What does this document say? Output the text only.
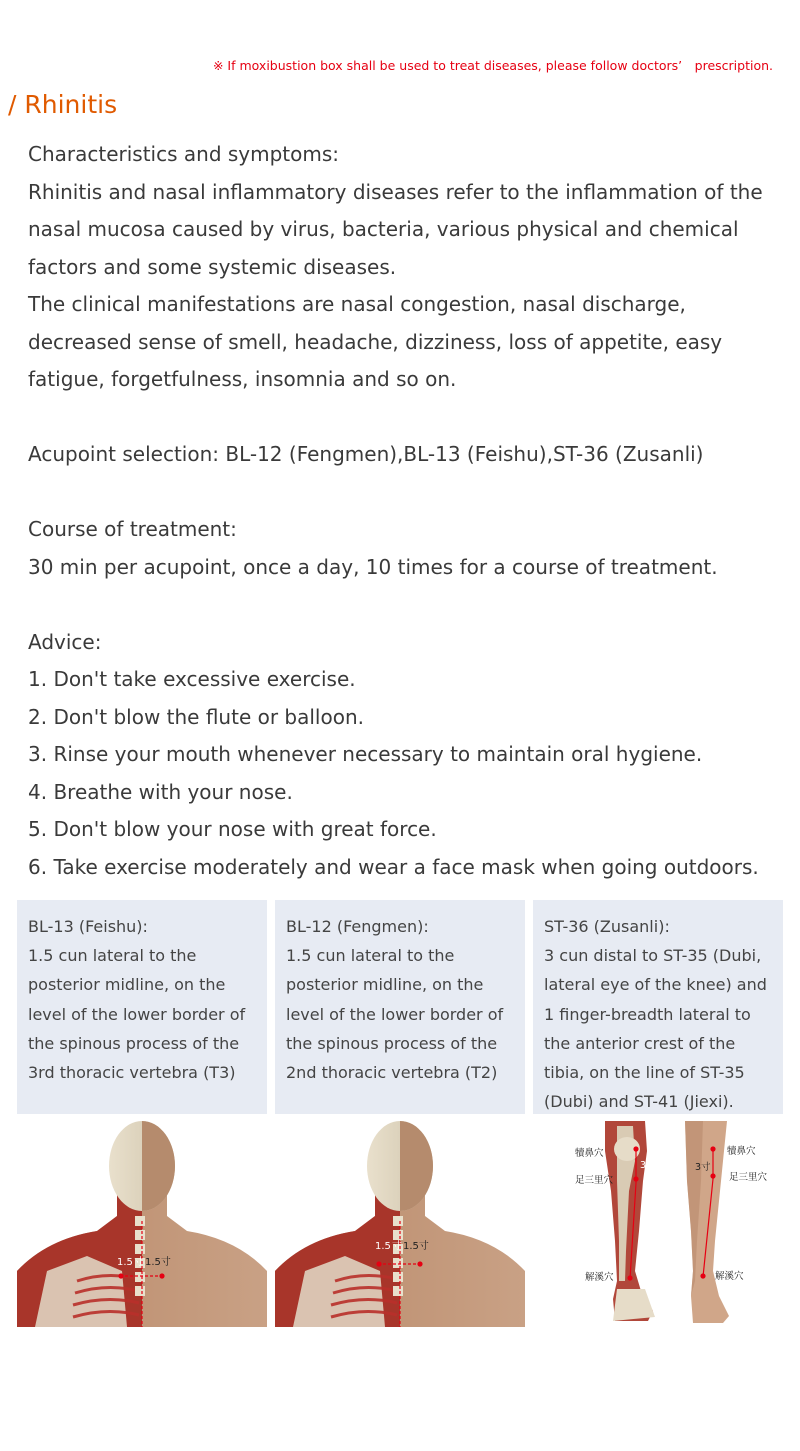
※ If moxibustion box shall be used to treat diseases, please follow doctors’　prescription.
/ Rhinitis

Characteristics and symptoms:

Rhinitis and nasal inflammatory diseases refer to the inflammation of the nasal mucosa caused by virus, bacteria, various physical and chemical factors and some systemic diseases.

The clinical manifestations are nasal congestion, nasal discharge, decreased sense of smell, headache, dizziness, loss of appetite, easy fatigue, forgetfulness, insomnia and so on.

Acupoint selection: BL-12 (Fengmen),BL-13 (Feishu),ST-36 (Zusanli)

Course of treatment:

30 min per acupoint, once a day, 10 times for a course of treatment.

Advice:

1. Don't take excessive exercise.

2. Don't blow the flute or balloon.

3. Rinse your mouth whenever necessary to maintain oral hygiene.

4. Breathe with your nose.

5. Don't blow your nose with great force.

6. Take exercise moderately and wear a face mask when going outdoors.

BL-13 (Feishu):
1.5 cun lateral to the posterior midline, on the level of the lower border of the spinous process of the 3rd thoracic vertebra (T3)
BL-12 (Fengmen):
1.5 cun lateral to the posterior midline, on the level of the lower border of the spinous process of the 2nd thoracic vertebra (T2)
ST-36 (Zusanli):
3 cun distal to ST-35 (Dubi, lateral eye of the knee) and 1 finger-breadth lateral to the anterior crest of the tibia, on the line of ST-35 (Dubi) and ST-41 (Jiexi).
1.5 寸 1.5寸
1.5 寸 1.5寸
犢鼻穴	犢鼻穴
3寸	3寸
足三里穴	足三里穴
解溪穴	解溪穴
